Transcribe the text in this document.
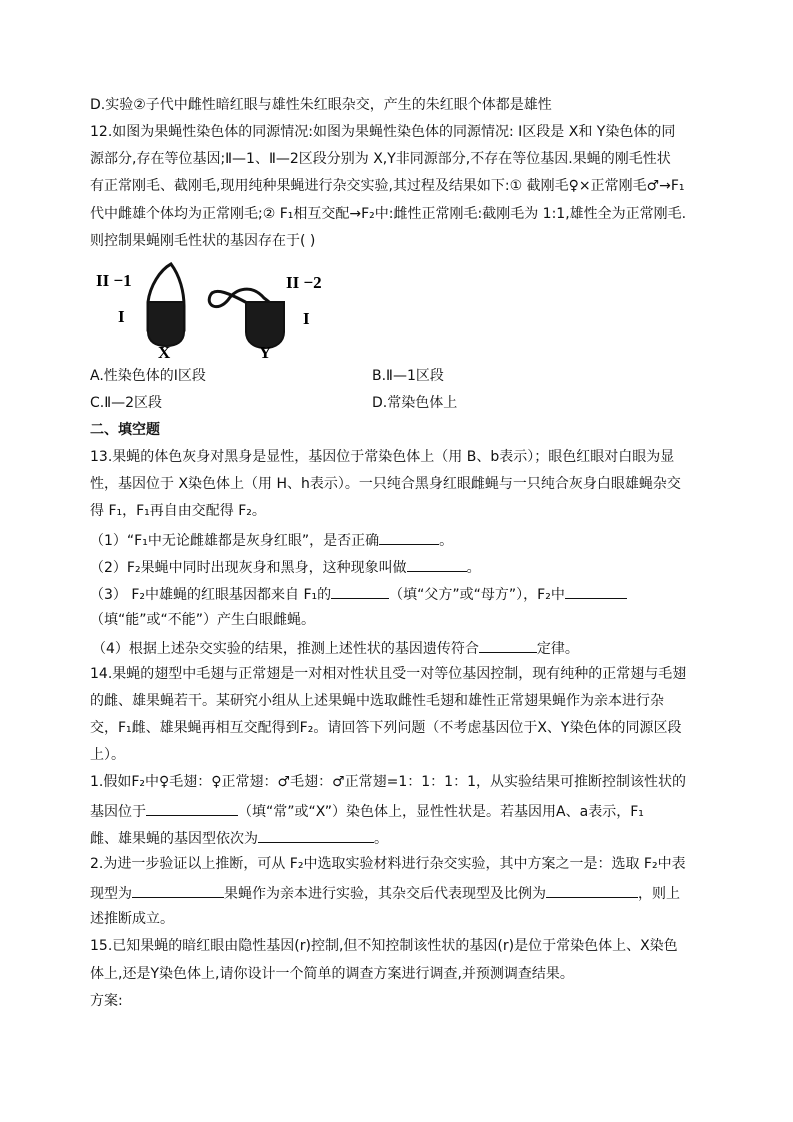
D.实验②子代中雌性暗红眼与雄性朱红眼杂交，产生的朱红眼个体都是雄性
12.如图为果蝇性染色体的同源情况:如图为果蝇性染色体的同源情况: Ⅰ区段是 X和 Y染色体的同
源部分,存在等位基因;Ⅱ—1、Ⅱ—2区段分别为 X,Y非同源部分,不存在等位基因.果蝇的刚毛性状
有正常刚毛、截刚毛,现用纯种果蝇进行杂交实验,其过程及结果如下:① 截刚毛♀×正常刚毛♂→F₁
代中雌雄个体均为正常刚毛;② F₁相互交配→F₂中:雌性正常刚毛:截刚毛为 1:1,雄性全为正常刚毛.
则控制果蝇刚毛性状的基因存在于( )
II −1
I
X
II −2
I
Y
A.性染色体的Ⅰ区段	B.Ⅱ—1区段
C.Ⅱ—2区段	D.常染色体上
二、填空题
13.果蝇的体色灰身对黑身是显性，基因位于常染色体上（用 B、b表示）；眼色红眼对白眼为显
性，基因位于 X染色体上（用 H、h表示）。一只纯合黑身红眼雌蝇与一只纯合灰身白眼雄蝇杂交
得 F₁，F₁再自由交配得 F₂。
（1）“F₁中无论雌雄都是灰身红眼”，是否正确	。
（2）F₂果蝇中同时出现灰身和黑身，这种现象叫做	。
（3） F₂中雄蝇的红眼基因都来自 F₁的	（填“父方”或“母方”），F₂中
（填“能”或“不能”）产生白眼雌蝇。
（4）根据上述杂交实验的结果，推测上述性状的基因遗传符合	定律。
14.果蝇的翅型中毛翅与正常翅是一对相对性状且受一对等位基因控制，现有纯种的正常翅与毛翅
的雌、雄果蝇若干。某研究小组从上述果蝇中选取雌性毛翅和雄性正常翅果蝇作为亲本进行杂
交，F₁雌、雄果蝇再相互交配得到F₂。请回答下列问题（不考虑基因位于X、Y染色体的同源区段
上）。
1.假如F₂中♀毛翅：♀正常翅：♂毛翅：♂正常翅=1：1：1：1，从实验结果可推断控制该性状的
基因位于	（填“常”或“X”）染色体上，显性性状是。若基因用A、a表示，F₁
雌、雄果蝇的基因型依次为	。
2.为进一步验证以上推断，可从 F₂中选取实验材料进行杂交实验，其中方案之一是：选取 F₂中表
现型为	果蝇作为亲本进行实验，其杂交后代表现型及比例为	，则上
述推断成立。
15.已知果蝇的暗红眼由隐性基因(r)控制,但不知控制该性状的基因(r)是位于常染色体上、X染色
体上,还是Y染色体上,请你设计一个简单的调查方案进行调查,并预测调查结果。
方案:
